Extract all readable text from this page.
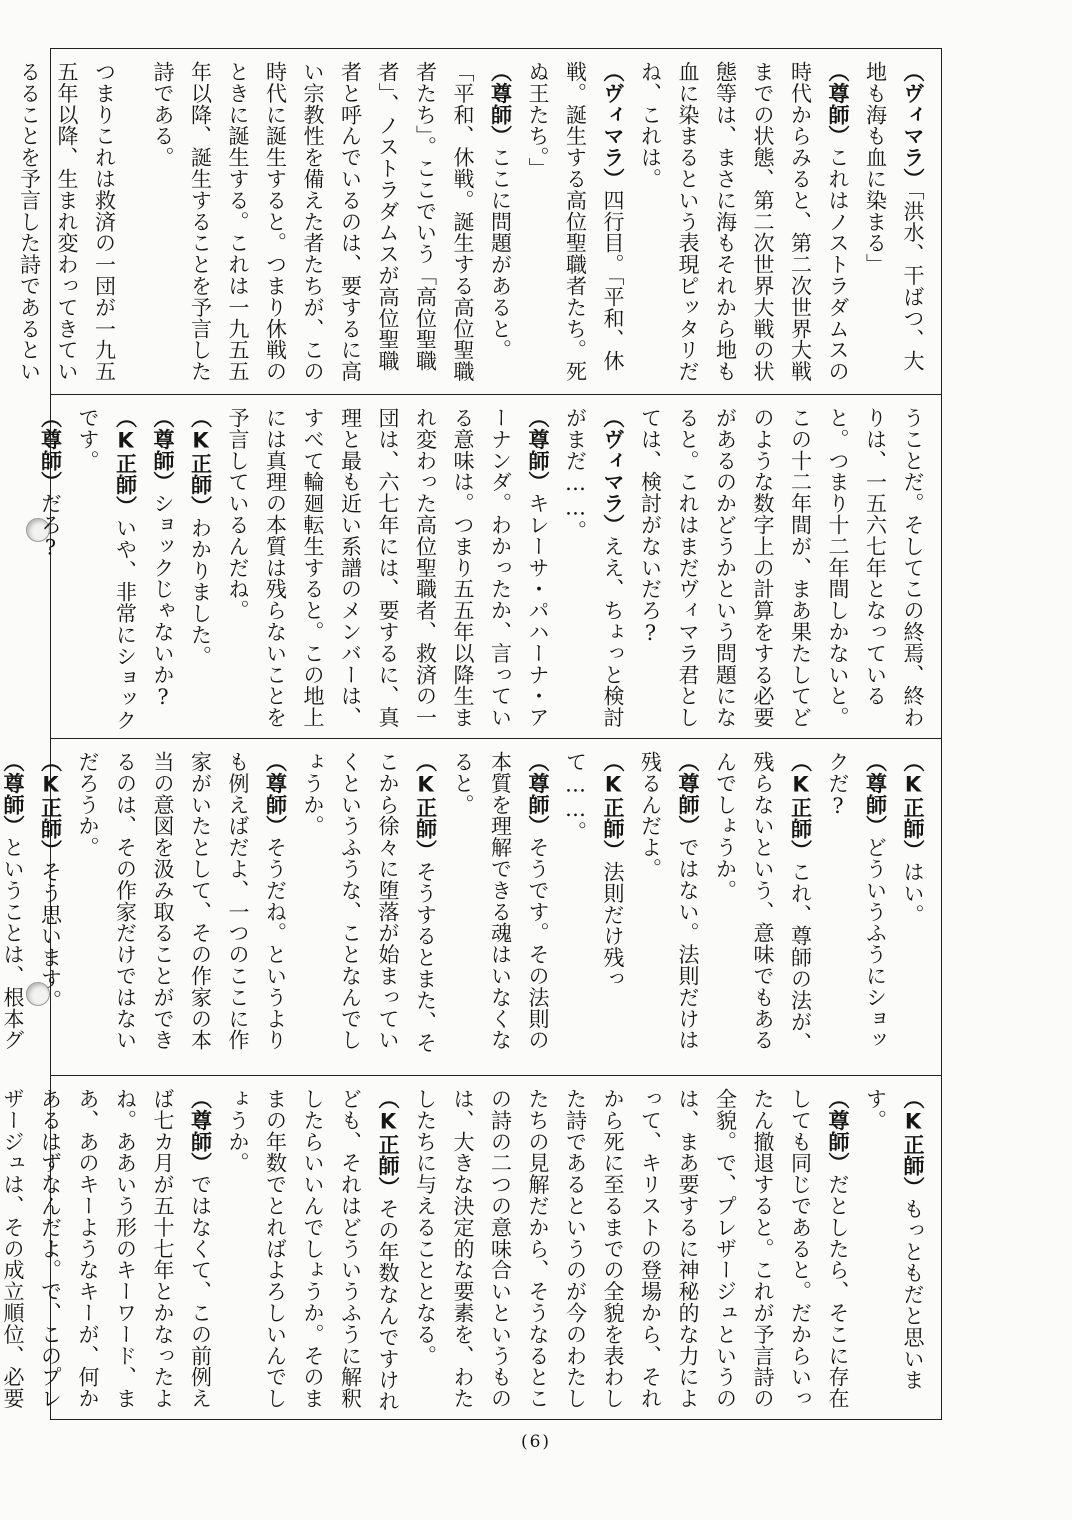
（ヴィマラ）「洪水、干ばつ、大地も海も血に染まる」

（尊師）これはノストラダムスの時代からみると、第二次世界大戦までの状態、第二次世界大戦の状態等は、まさに海もそれから地も血に染まるという表現ピッタリだね、これは。

（ヴィマラ）四行目。「平和、休戦。誕生する高位聖職者たち。死ぬ王たち。」

（尊師）ここに問題があると。「平和、休戦。誕生する高位聖職者たち」。ここでいう「高位聖職者」、ノストラダムスが高位聖職者と呼んでいるのは、要するに高い宗教性を備えた者たちが、この時代に誕生すると。つまり休戦のときに誕生する。これは一九五五年以降、誕生することを予言した詩である。

つまりこれは救済の一団が一九五五年以降、生まれ変わってきているることを予言した詩であるとい

うことだ。そしてこの終焉、終わりは、一五六七年となっていると。つまり十二年間しかないと。この十二年間が、まあ果たしてどのような数字上の計算をする必要があるのかどうかという問題になると。これはまだヴィマラ君としては、検討がないだろ?

（ヴィマラ）ええ、ちょっと検討がまだ……。

（尊師）キレーサ・パハーナ・アーナンダ。わかったか、言っている意味は。つまり五五年以降生まれ変わった高位聖職者、救済の一団は、六七年には、要するに、真理と最も近い系譜のメンバーは、すべて輪廻転生すると。この地上には真理の本質は残らないことを予言しているんだね。

（K正師）わかりました。

（尊師）ショックじゃないか?

（K正師）いや、非常にショックです。

（尊師）だろ?

（K正師）はい。

（尊師）どういうふうにショックだ?

（K正師）これ、尊師の法が、残らないという、意味でもあるんでしょうか。

（尊師）ではない。法則だけは残るんだよ。

（K正師）法則だけ残って……。

（尊師）そうです。その法則の本質を理解できる魂はいなくなると。

（K正師）そうするとまた、そこから徐々に堕落が始まっていくというふうな、ことなんでしょうか。

（尊師）そうだね。というよりも例えばだよ、一つのここに作家がいたとして、その作家の本当の意図を汲み取ることができるのは、その作家だけではないだろうか。

（K正師）そう思います。

（尊師）ということは、根本グ

（K正師）もっともだと思います。

（尊師）だとしたら、そこに存在しても同じであると。だからいったん撤退すると。これが予言詩の全貌。で、プレザージュというのは、まあ要するに神秘的な力によって、キリストの登場から、それから死に至るまでの全貌を表わした詩であるというのが今のわたしたちの見解だから、そうなるとこの詩の二つの意味合いというものは、大きな決定的な要素を、わたしたちに与えることとなる。

（K正師）その年数なんですけれども、それはどういうふうに解釈したらいいんでしょうか。そのままの年数でとればよろしいんでしょうか。

（尊師）ではなくて、この前例えば七カ月が五十七年とかなったよね。ああいう形のキーワード、まあ、あのキーようなキーが、何かあるはずなんだよ。で、このプレザージュは、その成立順位、必要

(6)
